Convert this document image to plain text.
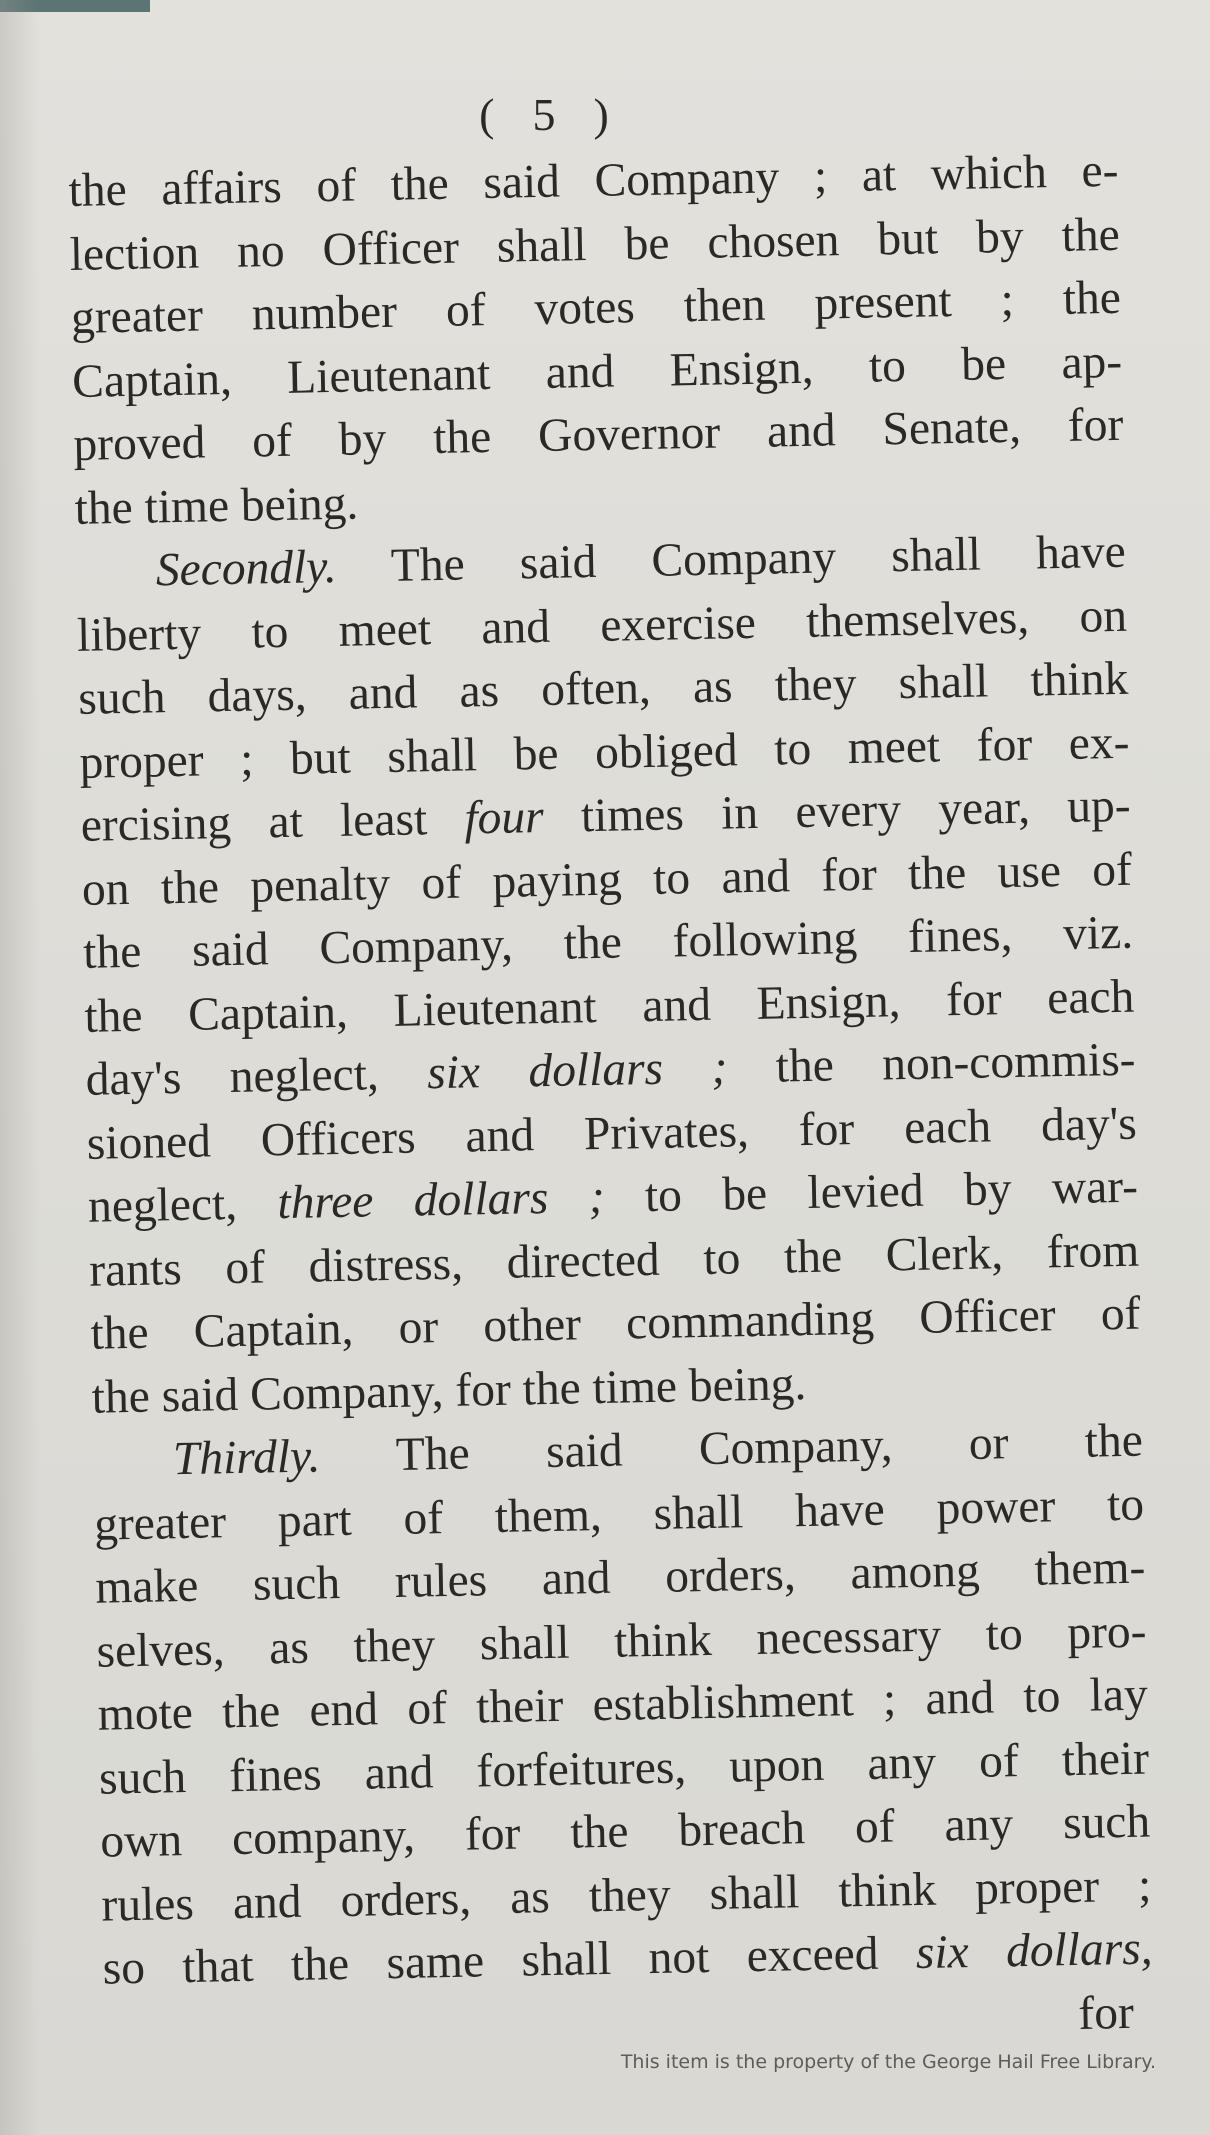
( 5 )
the affairs of the said Company ; at which e-
lection no Officer shall be chosen but by the
greater number of votes then present ; the
Captain, Lieutenant and Ensign, to be ap-
proved of by the Governor and Senate, for
the time being.
Secondly. The said Company shall have
liberty to meet and exercise themselves, on
such days, and as often, as they shall think
proper ; but shall be obliged to meet for ex-
ercising at least four times in every year, up-
on the penalty of paying to and for the use of
the said Company, the following fines, viz.
the Captain, Lieutenant and Ensign, for each
day's neglect, six dollars ; the non-commis-
sioned Officers and Privates, for each day's
neglect, three dollars ; to be levied by war-
rants of distress, directed to the Clerk, from
the Captain, or other commanding Officer of
the said Company, for the time being.
Thirdly. The said Company, or the
greater part of them, shall have power to
make such rules and orders, among them-
selves, as they shall think necessary to pro-
mote the end of their establishment ; and to lay
such fines and forfeitures, upon any of their
own company, for the breach of any such
rules and orders, as they shall think proper ;
so that the same shall not exceed six dollars,
for
This item is the property of the George Hail Free Library.
